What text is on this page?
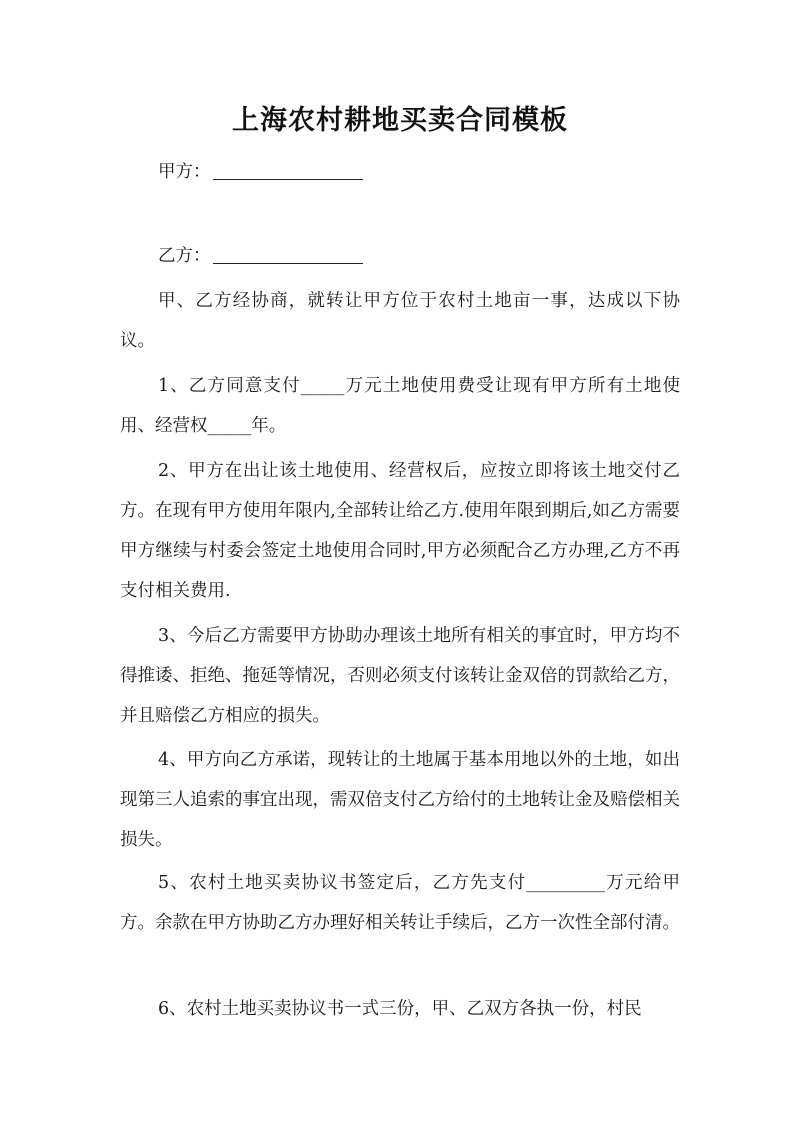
上海农村耕地买卖合同模板
甲方：
乙方：

甲、乙方经协商，就转让甲方位于农村土地亩一事，达成以下协议。

1、乙方同意支付_____万元土地使用费受让现有甲方所有土地使用、经营权_____年。

2、甲方在出让该土地使用、经营权后，应按立即将该土地交付乙方。在现有甲方使用年限内,全部转让给乙方.使用年限到期后,如乙方需要甲方继续与村委会签定土地使用合同时,甲方必须配合乙方办理,乙方不再支付相关费用.

3、今后乙方需要甲方协助办理该土地所有相关的事宜时，甲方均不得推诿、拒绝、拖延等情况，否则必须支付该转让金双倍的罚款给乙方，并且赔偿乙方相应的损失。

4、甲方向乙方承诺，现转让的土地属于基本用地以外的土地，如出现第三人追索的事宜出现，需双倍支付乙方给付的土地转让金及赔偿相关损失。

5、农村土地买卖协议书签定后，乙方先支付_________万元给甲方。余款在甲方协助乙方办理好相关转让手续后，乙方一次性全部付清。

6、农村土地买卖协议书一式三份，甲、乙双方各执一份，村民
